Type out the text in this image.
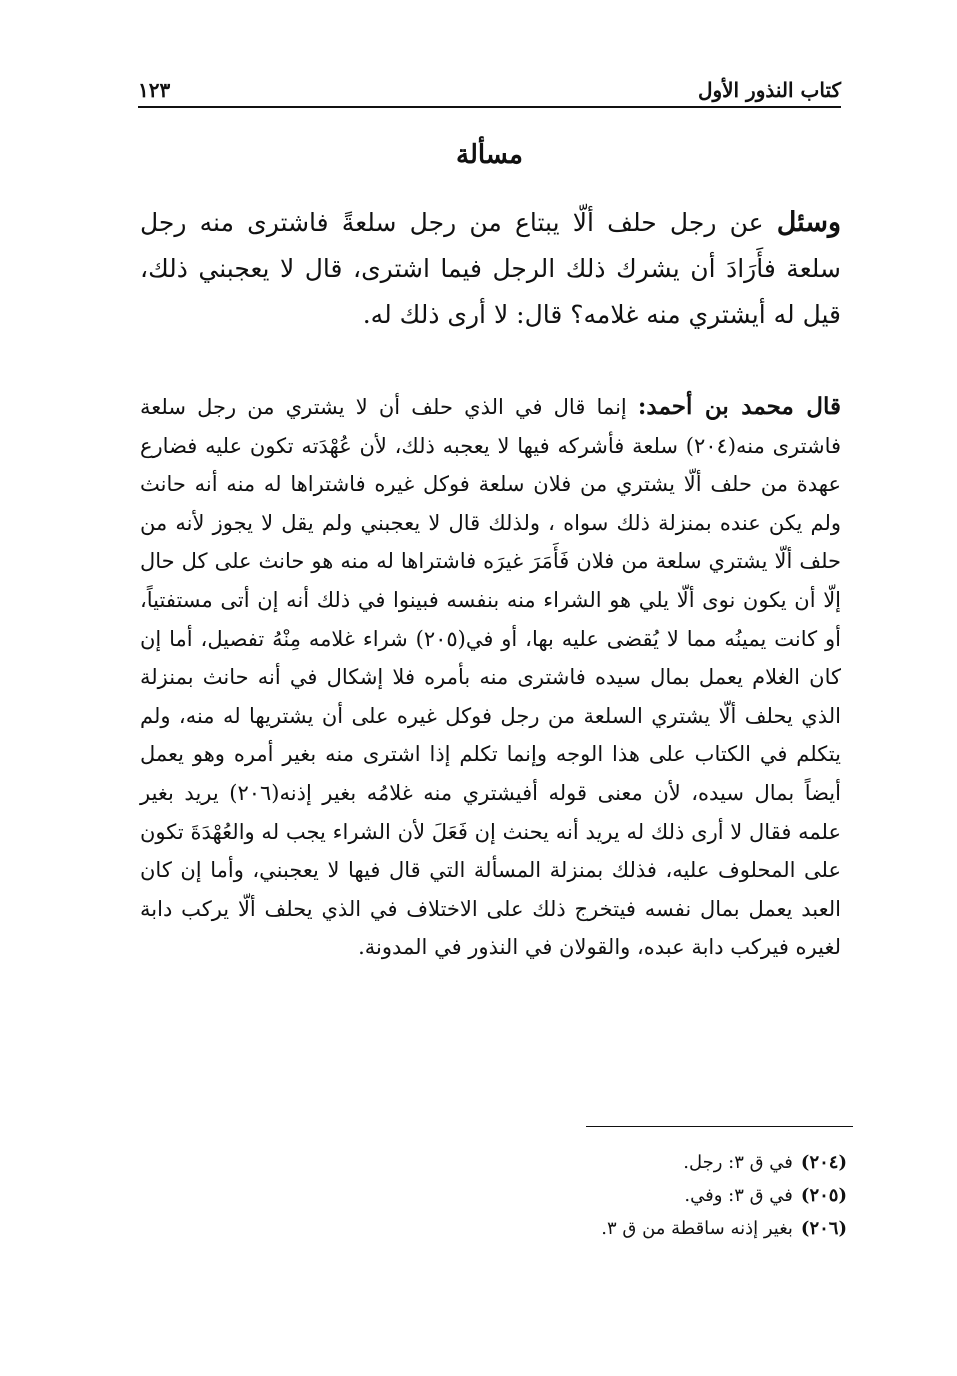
كتاب النذور الأول
١٢٣
مسألة

وسئل عن رجل حلف ألّا يبتاع من رجل سلعةً فاشترى منه رجل سلعة فأَرَادَ أن يشرك ذلك الرجل فيما اشترى، قال لا يعجبني ذلك، قيل له أيشتري منه غلامه؟ قال: لا أرى ذلك له.

قال محمد بن أحمد: إنما قال في الذي حلف أن لا يشتري من رجل سلعة فاشترى منه(٢٠٤) سلعة فأشركه فيها لا يعجبه ذلك، لأن عُهْدَته تكون عليه فضارع عهدة من حلف ألّا يشتري من فلان سلعة فوكل غيره فاشتراها له منه أنه حانث ولم يكن عنده بمنزلة ذلك سواه ، ولذلك قال لا يعجبني ولم يقل لا يجوز لأنه من حلف ألّا يشتري سلعة من فلان فَأَمَرَ غيرَه فاشتراها له منه هو حانث على كل حال إلّا أن يكون نوى ألّا يلي هو الشراء منه بنفسه فبينوا في ذلك أنه إن أتى مستفتياً، أو كانت يمينُه مما لا يُقضى عليه بها، أو في(٢٠٥) شراء غلامه مِنْهُ تفصيل، أما إن كان الغلام يعمل بمال سيده فاشترى منه بأمره فلا إشكال في أنه حانث بمنزلة الذي يحلف ألّا يشتري السلعة من رجل فوكل غيره على أن يشتريها له منه، ولم يتكلم في الكتاب على هذا الوجه وإنما تكلم إذا اشترى منه بغير أمره وهو يعمل أيضاً بمال سيده، لأن معنى قوله أفيشتري منه غلامُه بغير إذنه(٢٠٦) يريد بغير علمه فقال لا أرى ذلك له يريد أنه يحنث إن فَعَلَ لأن الشراء يجب له والعُهْدَةَ تكون على المحلوف عليه، فذلك بمنزلة المسألة التي قال فيها لا يعجبني، وأما إن كان العبد يعمل بمال نفسه فيتخرج ذلك على الاختلاف في الذي يحلف ألّا يركب دابة لغيره فيركب دابة عبده، والقولان في النذور في المدونة.

(٢٠٤)في ق ٣: رجل.
(٢٠٥)في ق ٣: وفي.
(٢٠٦)بغير إذنه ساقطة من ق ٣.
